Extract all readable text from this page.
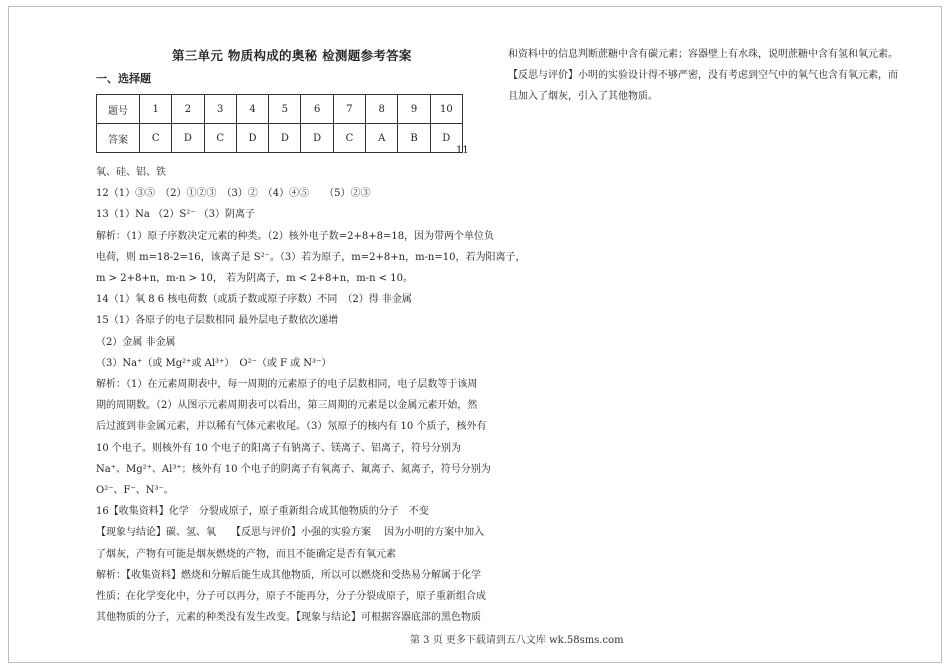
第三单元 物质构成的奥秘 检测题参考答案
一、选择题
题号	1	2	3	4	5	6	7	8	9	10
答案	C	D	C	D	D	D	C	A	B	D
11

氧、硅、铝、铁

12（1）③⑤　（2）①②③　（3）②　（4）④⑤　　（5）②③

13（1）Na （2）S²⁻ （3）阴离子

解析：（1）原子序数决定元素的种类。（2）核外电子数=2+8+8=18，因为带两个单位负

电荷，则 m=18-2=16，该离子是 S²⁻。（3）若为原子，m=2+8+n，m-n=10，若为阳离子，

m > 2+8+n，m-n > 10， 若为阴离子，m < 2+8+n，m-n < 10。

14（1）氧 8 6 核电荷数（或质子数或原子序数）不同　（2）得 非金属

15（1）各原子的电子层数相同 最外层电子数依次递增

（2）金属 非金属

（3）Na⁺（或 Mg²⁺或 Al³⁺）　O²⁻（或 F 或 N³⁻）

解析：（1）在元素周期表中，每一周期的元素原子的电子层数相同，电子层数等于该周

期的周期数。（2）从图示元素周期表可以看出，第三周期的元素是以金属元素开始，然

后过渡到非金属元素，并以稀有气体元素收尾。（3）氖原子的核内有 10 个质子，核外有

10 个电子。则核外有 10 个电子的阳离子有钠离子、镁离子、铝离子，符号分别为

Na⁺、Mg²⁺、Al³⁺；核外有 10 个电子的阴离子有氧离子、氟离子、氮离子，符号分别为

O²⁻、F⁻、N³⁻。

16【收集资料】化学　分裂成原子，原子重新组合成其他物质的分子　不变

【现象与结论】碳、氢、氧　　【反思与评价】小强的实验方案　 因为小明的方案中加入

了烟灰，产物有可能是烟灰燃烧的产物，而且不能确定是否有氧元素

解析：【收集资料】燃烧和分解后能生成其他物质，所以可以燃烧和受热易分解属于化学

性质；在化学变化中，分子可以再分，原子不能再分，分子分裂成原子，原子重新组合成

其他物质的分子，元素的种类没有发生改变。【现象与结论】可根据容器底部的黑色物质

和资料中的信息判断蔗糖中含有碳元素；容器壁上有水珠，说明蔗糖中含有氢和氧元素。

【反思与评价】小明的实验设计得不够严密，没有考虑到空气中的氧气也含有氧元素，而

且加入了烟灰，引入了其他物质。

第 3 页 更多下载请到五八文库 wk.58sms.com
